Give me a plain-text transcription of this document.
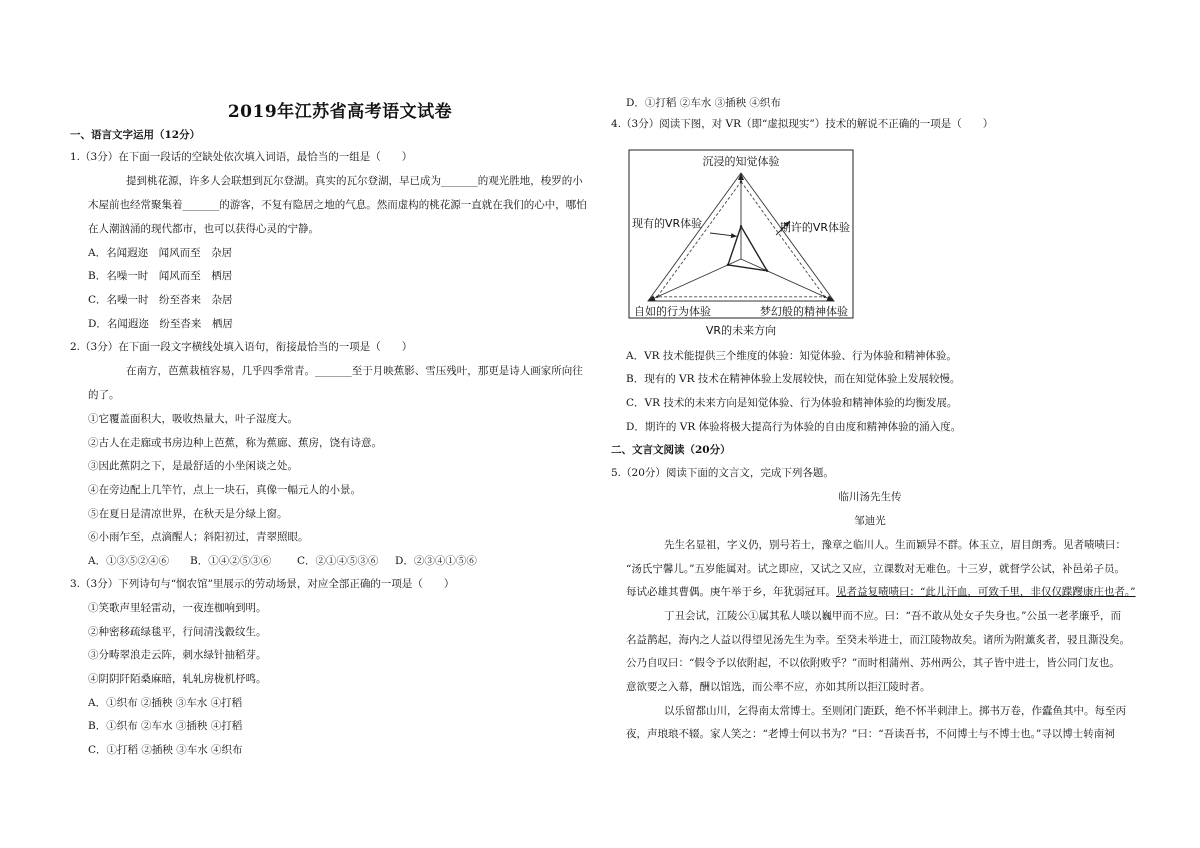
2019年江苏省高考语文试卷
一、语言文字运用（12分）
1.（3分）在下面一段话的空缺处依次填入词语，最恰当的一组是（　　）
提到桃花源，许多人会联想到瓦尔登湖。真实的瓦尔登湖，早已成为_______的观光胜地，梭罗的小
木屋前也经常聚集着_______的游客，不复有隐居之地的气息。然而虚构的桃花源一直就在我们的心中，哪怕
在人潮汹涌的现代都市，也可以获得心灵的宁静。
A．名闻遐迩　闻风而至　杂居
B．名噪一时　闻风而至　栖居
C．名噪一时　纷至沓来　杂居
D．名闻遐迩　纷至沓来　栖居
2.（3分）在下面一段文字横线处填入语句，衔接最恰当的一项是（　　）
在南方，芭蕉栽植容易，几乎四季常青。_______至于月映蕉影、雪压残叶，那更是诗人画家所向往
的了。
①它覆盖面积大，吸收热量大，叶子湿度大。
②古人在走廊或书房边种上芭蕉，称为蕉廊、蕉房，饶有诗意。
③因此蕉阴之下，是最舒适的小坐闲谈之处。
④在旁边配上几竿竹，点上一块石，真像一幅元人的小景。
⑤在夏日是清凉世界，在秋天是分绿上窗。
⑥小雨乍至，点滴醒人；斜阳初过，青翠照眼。
A．①③⑤②④⑥ B．①④②⑤③⑥ C．②①④⑤③⑥ D．②③④①⑤⑥
3.（3分）下列诗句与“悯农馆”里展示的劳动场景，对应全部正确的一项是（　　）
①笑歌声里轻雷动，一夜连枷响到明。
②种密移疏绿毯平，行间清浅縠纹生。
③分畴翠浪走云阵，刺水绿针抽稻芽。
④阴阴阡陌桑麻暗，轧轧房栊机杼鸣。
A．①织布 ②插秧 ③车水 ④打稻
B．①织布 ②车水 ③插秧 ④打稻
C．①打稻 ②插秧 ③车水 ④织布
D．①打稻 ②车水 ③插秧 ④织布
4.（3分）阅读下图，对 VR（即“虚拟现实”）技术的解说不正确的一项是（　　）
沉浸的知觉体验
梦幻般的精神体验
自如的行为体验
现有的VR体验	期许的VR体验
VR的未来方向
A．VR 技术能提供三个维度的体验：知觉体验、行为体验和精神体验。
B．现有的 VR 技术在精神体验上发展较快，而在知觉体验上发展较慢。
C．VR 技术的未来方向是知觉体验、行为体验和精神体验的均衡发展。
D．期许的 VR 体验将极大提高行为体验的自由度和精神体验的涌入度。
二、文言文阅读（20分）
5.（20分）阅读下面的文言文，完成下列各题。
临川汤先生传
邹迪光
先生名显祖，字义仍，别号若士，豫章之临川人。生而颖异不群。体玉立，眉目朗秀。见者啧啧曰：
“汤氏宁馨儿。”五岁能属对。试之即应，又试之又应，立课数对无难色。十三岁，就督学公试，补邑弟子员。
每试必雄其曹偶。庚午举于乡，年犹弱冠耳。见者益复啧啧曰：“此儿汗血，可致千里，非仅仅蹀躞康庄也者。”
丁丑会试，江陵公①属其私人啖以巍甲而不应。曰：“吾不敢从处女子失身也。”公虽一老孝廉乎，而
名益鹊起，海内之人益以得望见汤先生为幸。至癸未举进士，而江陵物故矣。诸所为附薰炙者，骎且澌没矣。
公乃自叹曰：“假令予以依附起，不以依附败乎？”而时相蒲州、苏州两公，其子皆中进士，皆公同门友也。
意欲要之入幕，酬以馆选，而公率不应，亦如其所以拒江陵时者。
以乐留都山川，乞得南太常博士。至则闭门距跃，绝不怀半刺津上。掷书万卷，作蠹鱼其中。每至丙
夜，声琅琅不辍。家人笑之：“老博士何以书为？”曰：“吾读吾书，不问博士与不博士也。”寻以博士转南祠
